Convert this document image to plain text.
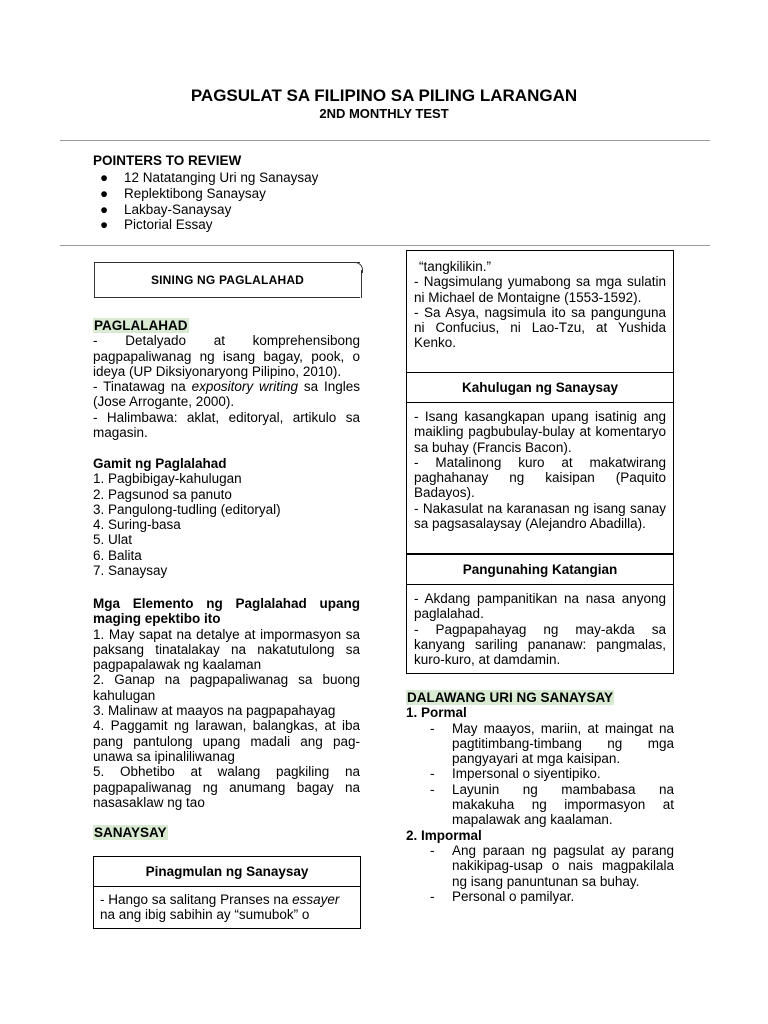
PAGSULAT SA FILIPINO SA PILING LARANGAN
2ND MONTHLY TEST
POINTERS TO REVIEW
●	12 Natatanging Uri ng Sanaysay
●	Replektibong Sanaysay
●	Lakbay-Sanaysay
●	Pictorial Essay
SINING NG PAGLALAHAD
PAGLALAHAD
- Detalyado at komprehensibong pagpapaliwanag ng isang bagay, pook, o ideya (UP Diksiyonaryong Pilipino, 2010).
- Tinatawag na expository writing sa Ingles (Jose Arrogante, 2000).
- Halimbawa: aklat, editoryal, artikulo sa magasin.
Gamit ng Paglalahad
1. Pagbibigay-kahulugan
2. Pagsunod sa panuto
3. Pangulong-tudling (editoryal)
4. Suring-basa
5. Ulat
6. Balita
7. Sanaysay
Mga Elemento ng Paglalahad upang maging epektibo ito
1. May sapat na detalye at impormasyon sa paksang tinatalakay na nakatutulong sa pagpapalawak ng kaalaman
2. Ganap na pagpapaliwanag sa buong kahulugan
3. Malinaw at maayos na pagpapahayag
4. Paggamit ng larawan, balangkas, at iba pang pantulong upang madali ang pag-unawa sa ipinaliliwanag
5. Obhetibo at walang pagkiling na pagpapaliwanag ng anumang bagay na nasasaklaw ng tao
SANAYSAY
Pinagmulan ng Sanaysay
- Hango sa salitang Pranses na essayer na ang ibig sabihin ay “sumubok” o
“tangkilikin.”
- Nagsimulang yumabong sa mga sulatin ni Michael de Montaigne (1553-1592).
- Sa Asya, nagsimula ito sa pangunguna ni Confucius, ni Lao-Tzu, at Yushida Kenko.
Kahulugan ng Sanaysay
- Isang kasangkapan upang isatinig ang maikling pagbubulay-bulay at komentaryo sa buhay (Francis Bacon).
- Matalinong kuro at makatwirang paghahanay ng kaisipan (Paquito Badayos).
- Nakasulat na karanasan ng isang sanay sa pagsasalaysay (Alejandro Abadilla).
Pangunahing Katangian
- Akdang pampanitikan na nasa anyong paglalahad.
- Pagpapahayag ng may-akda sa kanyang sariling pananaw: pangmalas, kuro-kuro, at damdamin.
DALAWANG URI NG SANAYSAY
1. Pormal
-	May maayos, mariin, at maingat na pagtitimbang-timbang ng mga pangyayari at mga kaisipan.
-	Impersonal o siyentipiko.
-	Layunin ng mambabasa na makakuha ng impormasyon at mapalawak ang kaalaman.
2. Impormal
-	Ang paraan ng pagsulat ay parang nakikipag-usap o nais magpakilala ng isang panuntunan sa buhay.
-	Personal o pamilyar.
